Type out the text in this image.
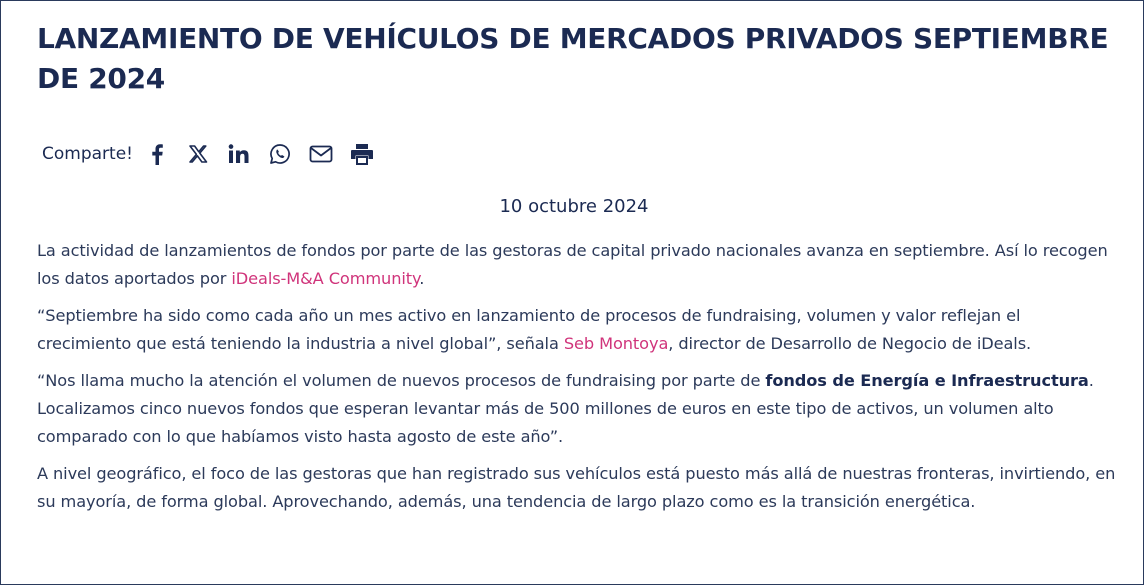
LANZAMIENTO DE VEHÍCULOS DE MERCADOS PRIVADOS SEPTIEMBRE DE 2024
Comparte!
10 octubre 2024

La actividad de lanzamientos de fondos por parte de las gestoras de capital privado nacionales avanza en septiembre. Así lo recogen los datos aportados por iDeals-M&A Community.

“Septiembre ha sido como cada año un mes activo en lanzamiento de procesos de fundraising, volumen y valor reflejan el crecimiento que está teniendo la industria a nivel global”, señala Seb Montoya, director de Desarrollo de Negocio de iDeals.

“Nos llama mucho la atención el volumen de nuevos procesos de fundraising por parte de fondos de Energía e Infraestructura. Localizamos cinco nuevos fondos que esperan levantar más de 500 millones de euros en este tipo de activos, un volumen alto comparado con lo que habíamos visto hasta agosto de este año”.

A nivel geográfico, el foco de las gestoras que han registrado sus vehículos está puesto más allá de nuestras fronteras, invirtiendo, en su mayoría, de forma global. Aprovechando, además, una tendencia de largo plazo como es la transición energética.
